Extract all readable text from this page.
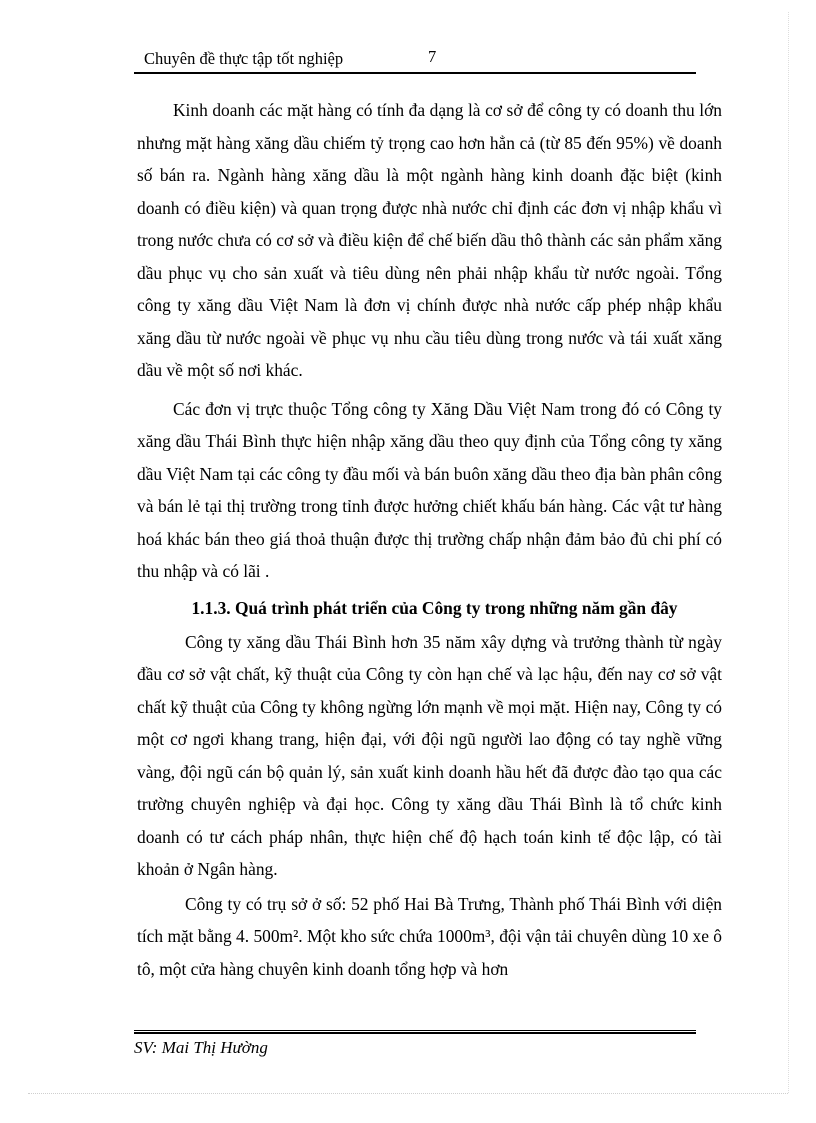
Chuyên đề thực tập tốt nghiệp	7

Kinh doanh các mặt hàng có tính đa dạng là cơ sở để công ty có doanh thu lớn nhưng mặt hàng xăng dầu chiếm tỷ trọng cao hơn hẳn cả (từ 85 đến 95%) về doanh số bán ra. Ngành hàng xăng dầu là một ngành hàng kinh doanh đặc biệt (kinh doanh có điều kiện) và quan trọng được nhà nước chỉ định các đơn vị nhập khẩu vì trong nước chưa có cơ sở và điều kiện để chế biến dầu thô thành các sản phẩm xăng dầu phục vụ cho sản xuất và tiêu dùng nên phải nhập khẩu từ nước ngoài. Tổng công ty xăng dầu Việt Nam là đơn vị chính được nhà nước cấp phép nhập khẩu xăng dầu từ nước ngoài về phục vụ nhu cầu tiêu dùng trong nước và tái xuất xăng dầu về một số nơi khác.

Các đơn vị trực thuộc Tổng công ty Xăng Dầu Việt Nam trong đó có Công ty xăng dầu Thái Bình thực hiện nhập xăng dầu theo quy định của Tổng công ty xăng dầu Việt Nam tại các công ty đầu mối và bán buôn xăng dầu theo địa bàn phân công và bán lẻ tại thị trường trong tỉnh được hưởng chiết khấu bán hàng. Các vật tư hàng hoá khác bán theo giá thoả thuận được thị trường chấp nhận đảm bảo đủ chi phí có thu nhập và có lãi .

1.1.3. Quá trình phát triển của Công ty trong những năm gần đây

Công ty xăng dầu Thái Bình hơn 35 năm xây dựng và trưởng thành từ ngày đầu cơ sở vật chất, kỹ thuật của Công ty còn hạn chế và lạc hậu, đến nay cơ sở vật chất kỹ thuật của Công ty không ngừng lớn mạnh về mọi mặt. Hiện nay, Công ty có một cơ ngơi khang trang, hiện đại, với đội ngũ người lao động có tay nghề vững vàng, đội ngũ cán bộ quản lý, sản xuất kinh doanh hầu hết đã được đào tạo qua các trường chuyên nghiệp và đại học. Công ty xăng dầu Thái Bình là tổ chức kinh doanh có tư cách pháp nhân, thực hiện chế độ hạch toán kinh tế độc lập, có tài khoản ở Ngân hàng.

Công ty có trụ sở ở số: 52 phố Hai Bà Trưng, Thành phố Thái Bình với diện tích mặt bằng 4. 500m². Một kho sức chứa 1000m³, đội vận tải chuyên dùng 10 xe ô tô, một cửa hàng chuyên kinh doanh tổng hợp và hơn

SV: Mai Thị Hường
